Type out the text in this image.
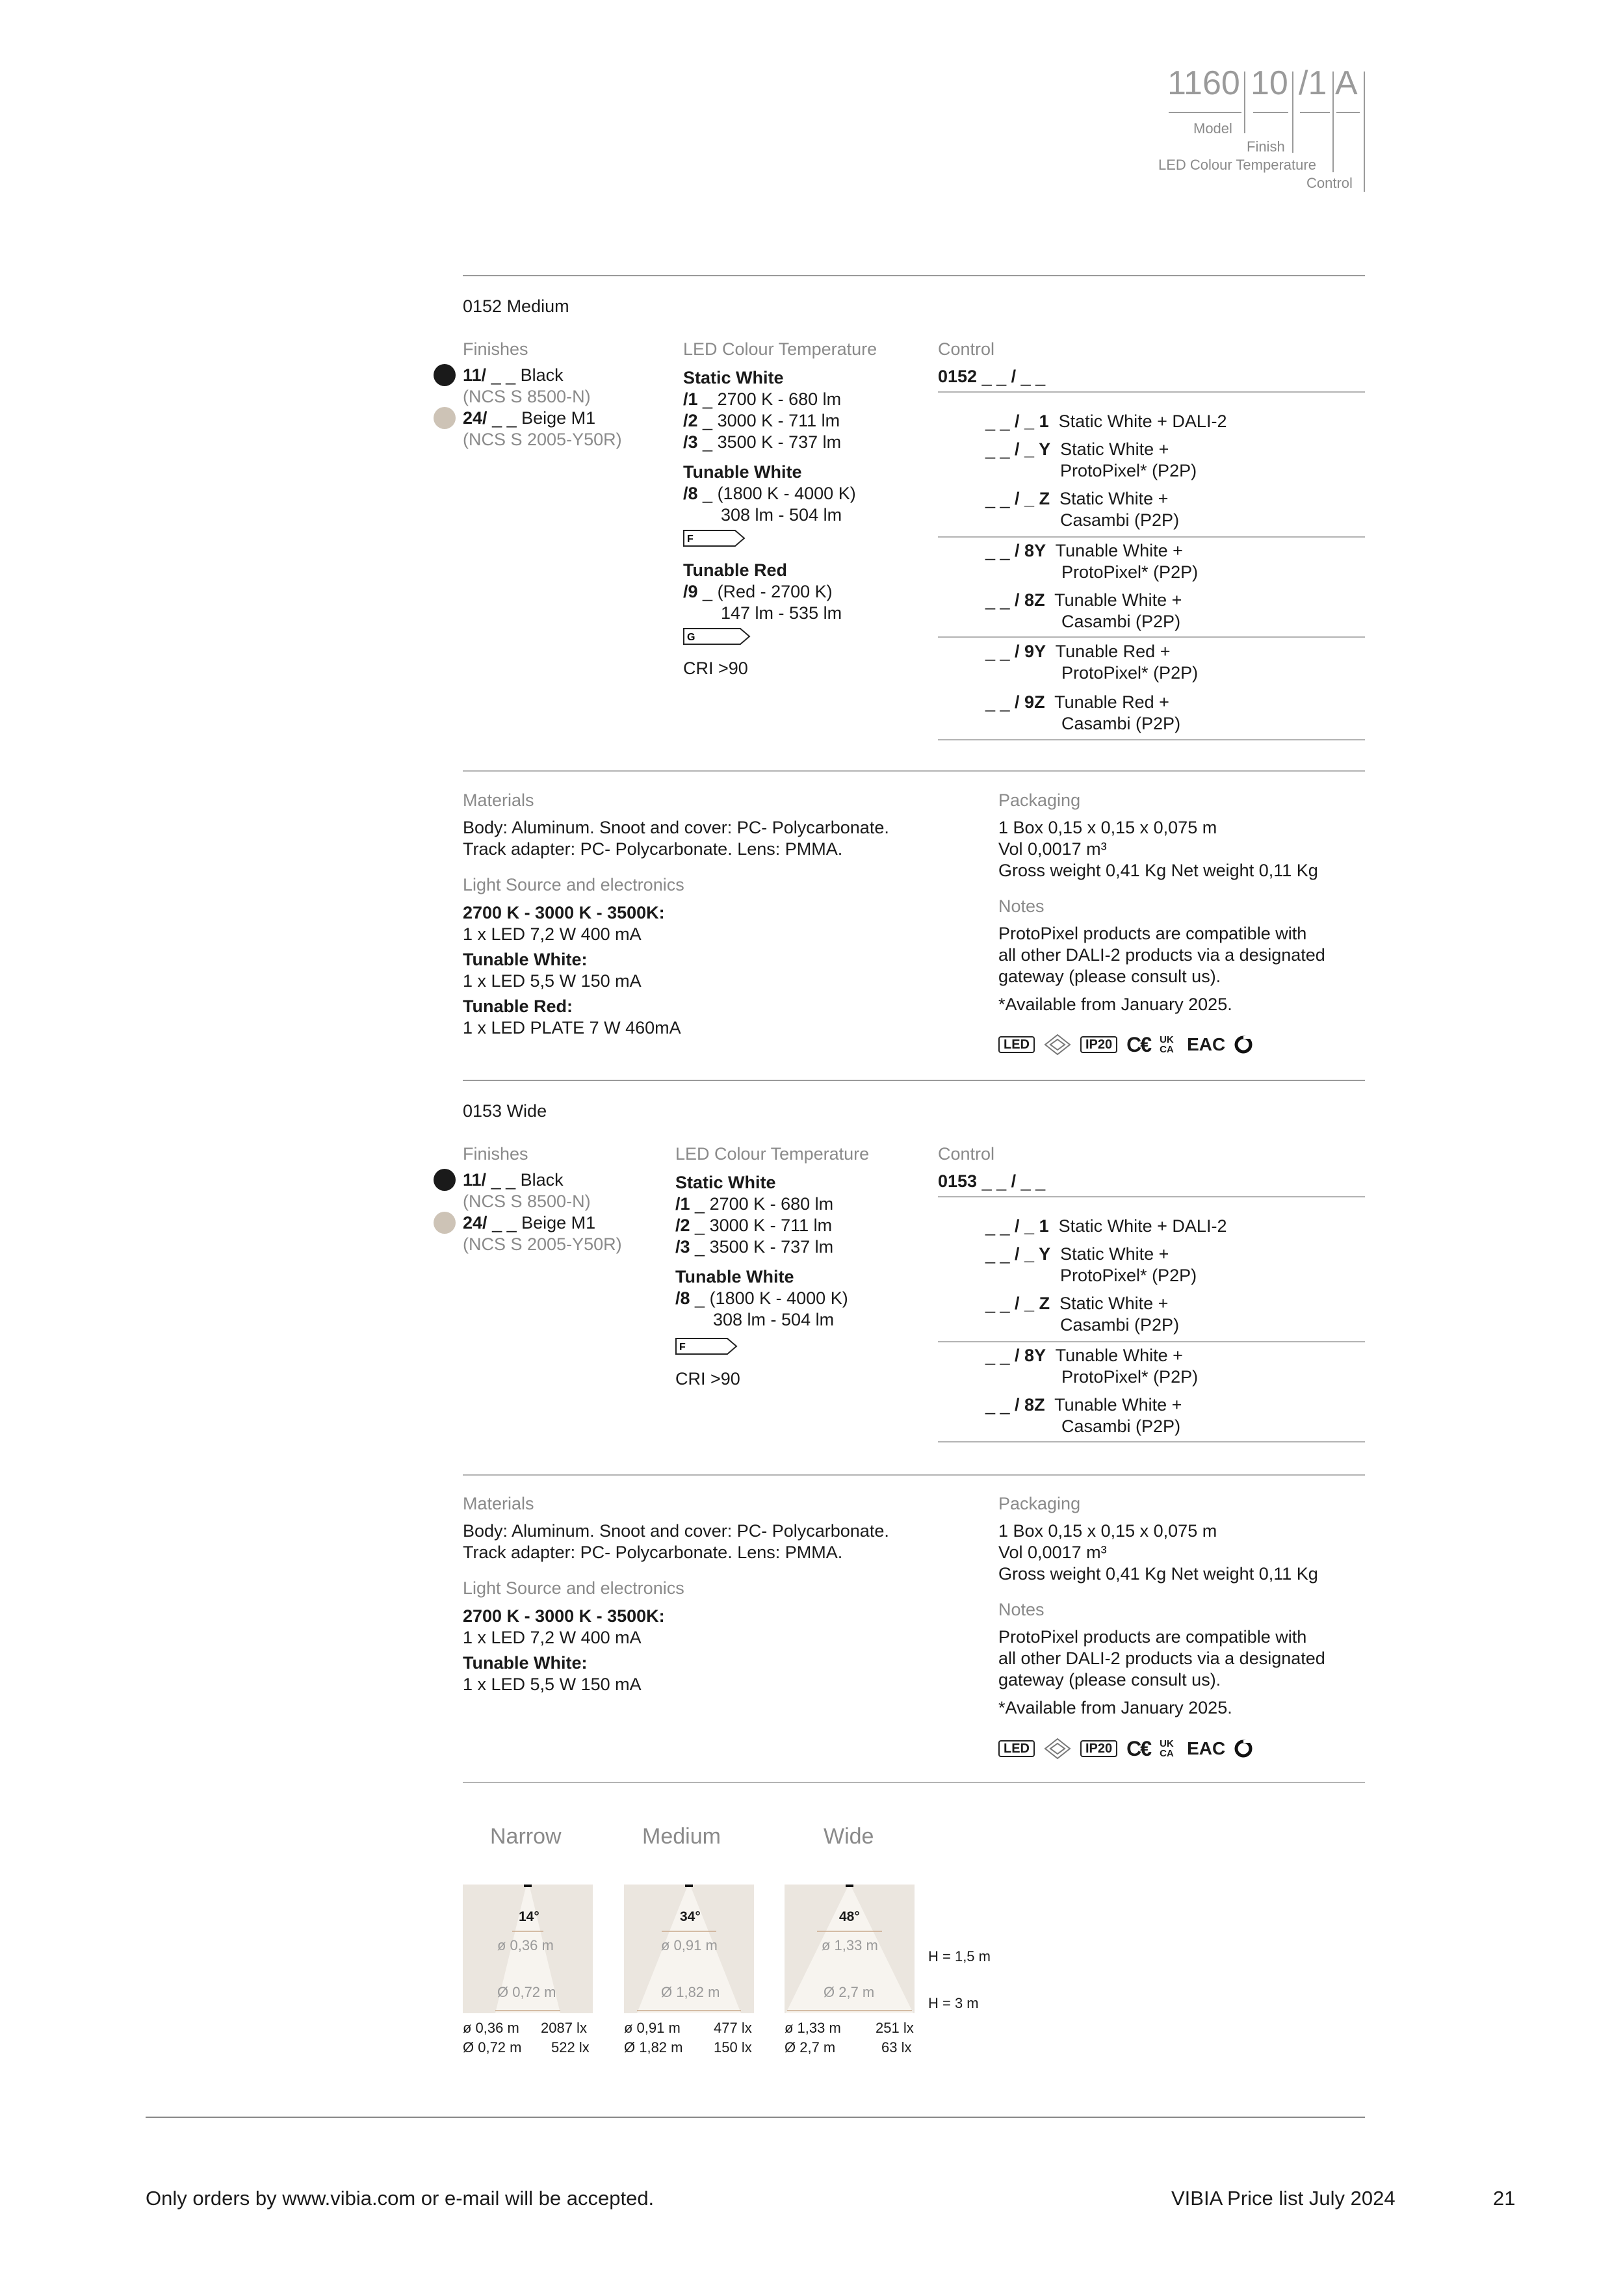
1160 10 /1 A
Model
Finish
LED Colour Temperature
Control
0152 Medium
Finishes
11/ _ _ Black
(NCS S 8500-N)
24/ _ _ Beige M1
(NCS S 2005-Y50R)
LED Colour Temperature
Static White
/1 _ 2700 K - 680 lm
/2 _ 3000 K - 711 lm
/3 _ 3500 K - 737 lm
Tunable White
/8 _ (1800 K - 4000 K)
308 lm - 504 lm
F
Tunable Red
/9 _ (Red - 2700 K)
147 lm - 535 lm
G
CRI >90
Control
0152 _ _ / _ _
_ _ / _ 1 Static White + DALI-2
_ _ / _ Y Static White +
ProtoPixel* (P2P)
_ _ / _ Z Static White +
Casambi (P2P)
_ _ / 8Y Tunable White +
ProtoPixel* (P2P)
_ _ / 8Z Tunable White +
Casambi (P2P)
_ _ / 9Y Tunable Red +
ProtoPixel* (P2P)
_ _ / 9Z Tunable Red +
Casambi (P2P)
Materials
Body: Aluminum. Snoot and cover: PC- Polycarbonate.
Track adapter: PC- Polycarbonate. Lens: PMMA.
Light Source and electronics
2700 K - 3000 K - 3500K:
1 x LED 7,2 W 400 mA
Tunable White:
1 x LED 5,5 W 150 mA
Tunable Red:
1 x LED PLATE 7 W 460mA
Packaging
1 Box 0,15 x 0,15 x 0,075 m
Vol 0,0017 m³
Gross weight 0,41 Kg Net weight 0,11 Kg
Notes
ProtoPixel products are compatible with
all other DALI-2 products via a designated
gateway (please consult us).
*Available from January 2025.
LED	IP20 C€ UK
CA EAC
0153 Wide
Finishes
11/ _ _ Black
(NCS S 8500-N)
24/ _ _ Beige M1
(NCS S 2005-Y50R)
LED Colour Temperature
Static White
/1 _ 2700 K - 680 lm
/2 _ 3000 K - 711 lm
/3 _ 3500 K - 737 lm
Tunable White
/8 _ (1800 K - 4000 K)
308 lm - 504 lm
F
CRI >90
Control
0153 _ _ / _ _
_ _ / _ 1 Static White + DALI-2
_ _ / _ Y Static White +
ProtoPixel* (P2P)
_ _ / _ Z Static White +
Casambi (P2P)
_ _ / 8Y Tunable White +
ProtoPixel* (P2P)
_ _ / 8Z Tunable White +
Casambi (P2P)
Materials
Body: Aluminum. Snoot and cover: PC- Polycarbonate.
Track adapter: PC- Polycarbonate. Lens: PMMA.
Light Source and electronics
2700 K - 3000 K - 3500K:
1 x LED 7,2 W 400 mA
Tunable White:
1 x LED 5,5 W 150 mA
Packaging
1 Box 0,15 x 0,15 x 0,075 m
Vol 0,0017 m³
Gross weight 0,41 Kg Net weight 0,11 Kg
Notes
ProtoPixel products are compatible with
all other DALI-2 products via a designated
gateway (please consult us).
*Available from January 2025.
LED	IP20 C€ UK
CA EAC
Narrow	Medium	Wide
14°
ø 0,36 m
Ø 0,72 m
34°
ø 0,91 m
Ø 1,82 m
48°
ø 1,33 m
Ø 2,7 m
H = 1,5 m
H = 3 m
ø 0,36 m 2087 lx
Ø 0,72 m 522 lx
ø 0,91 m 477 lx
Ø 1,82 m 150 lx
ø 1,33 m 251 lx
Ø 2,7 m	63 lx
Only orders by www.vibia.com or e-mail will be accepted.	VIBIA Price list July 2024	21
